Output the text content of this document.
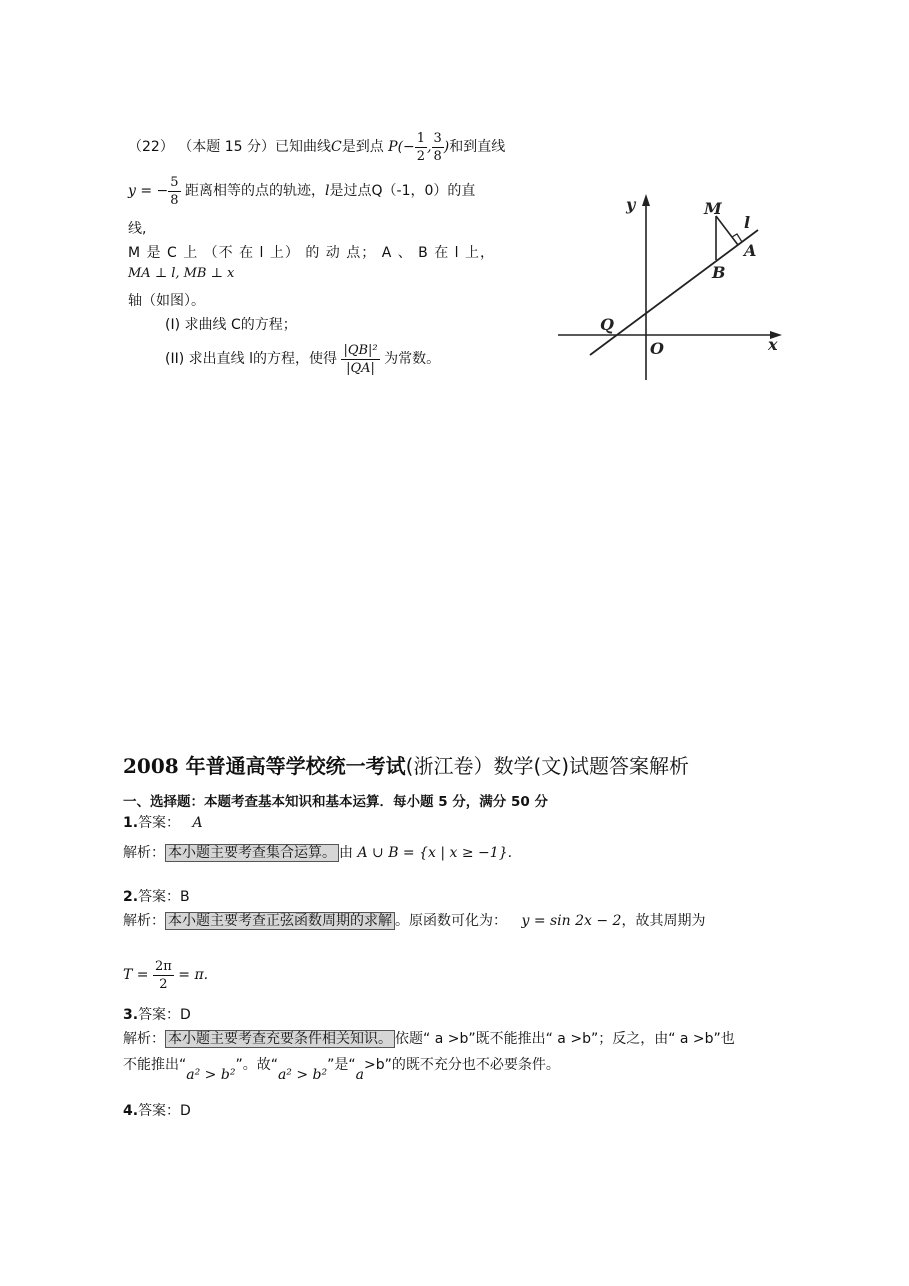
（22） （本题 15 分）已知曲线C是到点 $P(- \frac{1}{2}$ , $\frac{3}{8}$ )和到直线
y = − $\frac{5}{8}$ 距离相等的点的轨迹，l是过点Q（-1，0）的直
线,
M 是 C 上 （不 在 l 上） 的 动 点； A 、 B 在 l 上，
MA ⊥ l, MB ⊥ x
轴（如图）。
(I) 求曲线 C的方程；
(II) 求出直线 l的方程，使得 $\frac{\text{|QB|²}}{|QA|}$ 为常数。
y
x
M
l
A
B
Q
O
2008 年普通高等学校统一考试(浙江卷）数学(文)试题答案解析
一、选择题：本题考查基本知识和基本运算．每小题 5 分，满分 50 分
1.答案： A
解析： 本小题主要考查集合运算。 由 A ∪ B = {x | x ≥ −1}.
2.答案：B
解析： 本小题主要考查正弦函数周期的求解 。原函数可化为： y = sin 2x − 2，故其周期为
$T = \frac{2\pi}{2} = \pi$.
3.答案：D
解析： 本小题主要考查充要条件相关知识。 依题“ a >b”既不能推出“ a >b”；反之，由“ a >b”也
不能推出“a² > b²”。故“a² > b²”是“a>b”的既不充分也不必要条件。
4.答案：D
